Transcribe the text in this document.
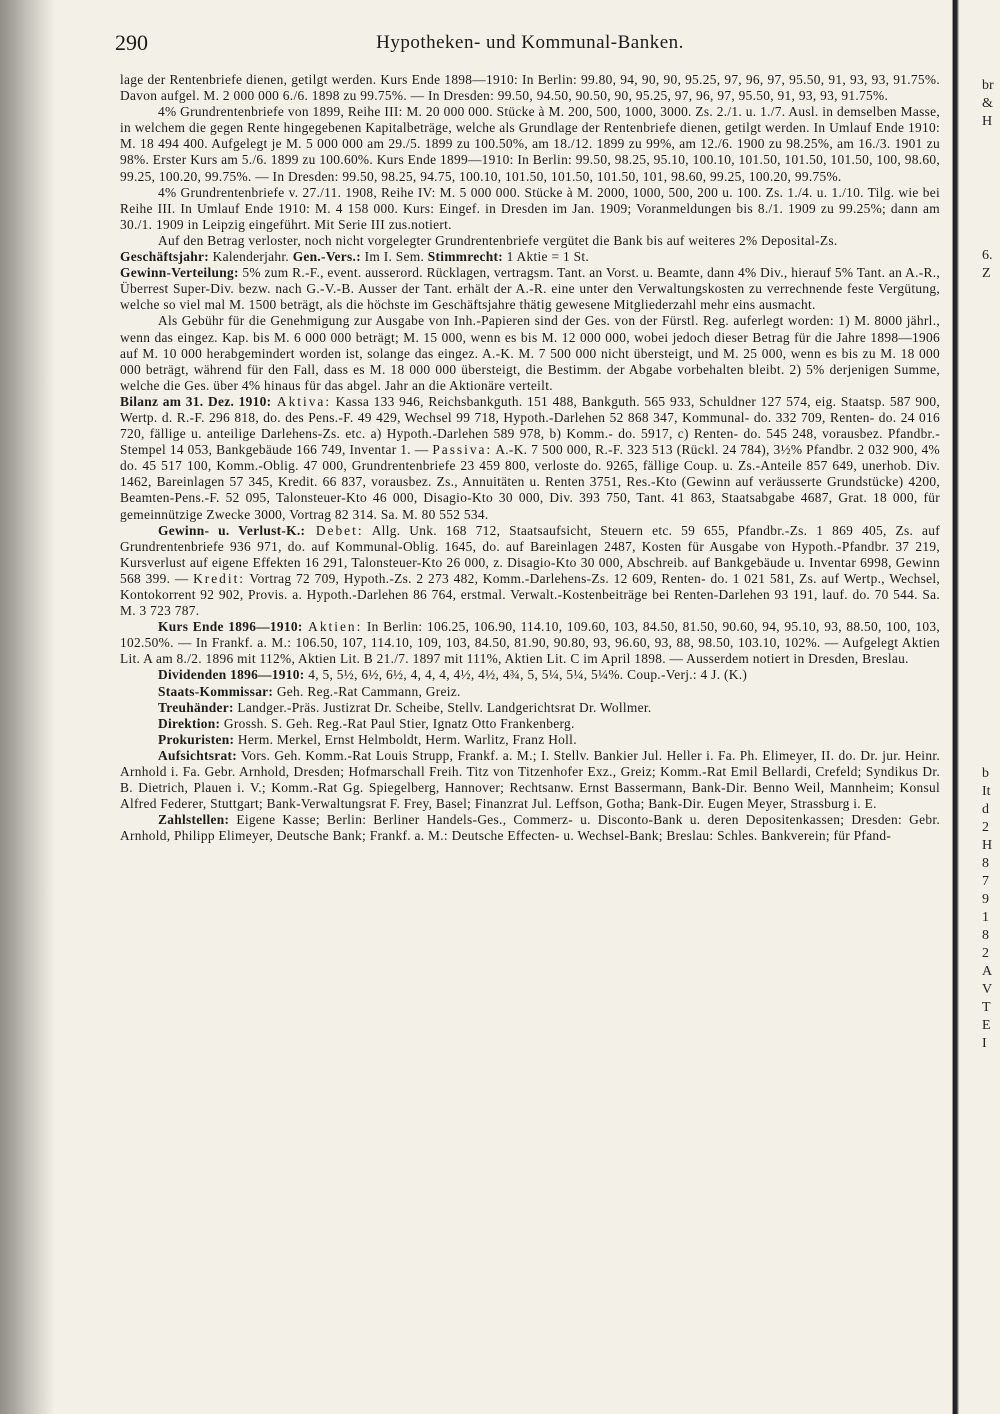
290	Hypotheken- und Kommunal-Banken.

lage der Rentenbriefe dienen, getilgt werden. Kurs Ende 1898—1910: In Berlin: 99.80, 94, 90, 90, 95.25, 97, 96, 97, 95.50, 91, 93, 93, 91.75%. Davon aufgel. M. 2 000 000 6./6. 1898 zu 99.75%. — In Dresden: 99.50, 94.50, 90.50, 90, 95.25, 97, 96, 97, 95.50, 91, 93, 93, 91.75%.

4% Grundrentenbriefe von 1899, Reihe III: M. 20 000 000. Stücke à M. 200, 500, 1000, 3000. Zs. 2./1. u. 1./7. Ausl. in demselben Masse, in welchem die gegen Rente hingegebenen Kapitalbeträge, welche als Grundlage der Rentenbriefe dienen, getilgt werden. In Umlauf Ende 1910: M. 18 494 400. Aufgelegt je M. 5 000 000 am 29./5. 1899 zu 100.50%, am 18./12. 1899 zu 99%, am 12./6. 1900 zu 98.25%, am 16./3. 1901 zu 98%. Erster Kurs am 5./6. 1899 zu 100.60%. Kurs Ende 1899—1910: In Berlin: 99.50, 98.25, 95.10, 100.10, 101.50, 101.50, 101.50, 100, 98.60, 99.25, 100.20, 99.75%. — In Dresden: 99.50, 98.25, 94.75, 100.10, 101.50, 101.50, 101.50, 101, 98.60, 99.25, 100.20, 99.75%.

4% Grundrentenbriefe v. 27./11. 1908, Reihe IV: M. 5 000 000. Stücke à M. 2000, 1000, 500, 200 u. 100. Zs. 1./4. u. 1./10. Tilg. wie bei Reihe III. In Umlauf Ende 1910: M. 4 158 000. Kurs: Eingef. in Dresden im Jan. 1909; Voranmeldungen bis 8./1. 1909 zu 99.25%; dann am 30./1. 1909 in Leipzig eingeführt. Mit Serie III zus.notiert.

Auf den Betrag verloster, noch nicht vorgelegter Grundrentenbriefe vergütet die Bank bis auf weiteres 2% Deposital-Zs.

Geschäftsjahr: Kalenderjahr. Gen.-Vers.: Im I. Sem. Stimmrecht: 1 Aktie = 1 St.

Gewinn-Verteilung: 5% zum R.-F., event. ausserord. Rücklagen, vertragsm. Tant. an Vorst. u. Beamte, dann 4% Div., hierauf 5% Tant. an A.-R., Überrest Super-Div. bezw. nach G.-V.-B. Ausser der Tant. erhält der A.-R. eine unter den Verwaltungskosten zu verrechnende feste Vergütung, welche so viel mal M. 1500 beträgt, als die höchste im Geschäftsjahre thätig gewesene Mitgliederzahl mehr eins ausmacht.

Als Gebühr für die Genehmigung zur Ausgabe von Inh.-Papieren sind der Ges. von der Fürstl. Reg. auferlegt worden: 1) M. 8000 jährl., wenn das eingez. Kap. bis M. 6 000 000 beträgt; M. 15 000, wenn es bis M. 12 000 000, wobei jedoch dieser Betrag für die Jahre 1898—1906 auf M. 10 000 herabgemindert worden ist, solange das eingez. A.-K. M. 7 500 000 nicht übersteigt, und M. 25 000, wenn es bis zu M. 18 000 000 beträgt, während für den Fall, dass es M. 18 000 000 übersteigt, die Bestimm. der Abgabe vorbehalten bleibt. 2) 5% derjenigen Summe, welche die Ges. über 4% hinaus für das abgel. Jahr an die Aktionäre verteilt.

Bilanz am 31. Dez. 1910: Aktiva: Kassa 133 946, Reichsbankguth. 151 488, Bankguth. 565 933, Schuldner 127 574, eig. Staatsp. 587 900, Wertp. d. R.-F. 296 818, do. des Pens.-F. 49 429, Wechsel 99 718, Hypoth.-Darlehen 52 868 347, Kommunal- do. 332 709, Renten- do. 24 016 720, fällige u. anteilige Darlehens-Zs. etc. a) Hypoth.-Darlehen 589 978, b) Komm.- do. 5917, c) Renten- do. 545 248, vorausbez. Pfandbr.-Stempel 14 053, Bankgebäude 166 749, Inventar 1. — Passiva: A.-K. 7 500 000, R.-F. 323 513 (Rückl. 24 784), 3½% Pfandbr. 2 032 900, 4% do. 45 517 100, Komm.-Oblig. 47 000, Grundrentenbriefe 23 459 800, verloste do. 9265, fällige Coup. u. Zs.-Anteile 857 649, unerhob. Div. 1462, Bareinlagen 57 345, Kredit. 66 837, vorausbez. Zs., Annuitäten u. Renten 3751, Res.-Kto (Gewinn auf veräusserte Grundstücke) 4200, Beamten-Pens.-F. 52 095, Talonsteuer-Kto 46 000, Disagio-Kto 30 000, Div. 393 750, Tant. 41 863, Staatsabgabe 4687, Grat. 18 000, für gemeinnützige Zwecke 3000, Vortrag 82 314. Sa. M. 80 552 534.

Gewinn- u. Verlust-K.: Debet: Allg. Unk. 168 712, Staatsaufsicht, Steuern etc. 59 655, Pfandbr.-Zs. 1 869 405, Zs. auf Grundrentenbriefe 936 971, do. auf Kommunal-Oblig. 1645, do. auf Bareinlagen 2487, Kosten für Ausgabe von Hypoth.-Pfandbr. 37 219, Kursverlust auf eigene Effekten 16 291, Talonsteuer-Kto 26 000, z. Disagio-Kto 30 000, Abschreib. auf Bankgebäude u. Inventar 6998, Gewinn 568 399. — Kredit: Vortrag 72 709, Hypoth.-Zs. 2 273 482, Komm.-Darlehens-Zs. 12 609, Renten- do. 1 021 581, Zs. auf Wertp., Wechsel, Kontokorrent 92 902, Provis. a. Hypoth.-Darlehen 86 764, erstmal. Verwalt.-Kostenbeiträge bei Renten-Darlehen 93 191, lauf. do. 70 544. Sa. M. 3 723 787.

Kurs Ende 1896—1910: Aktien: In Berlin: 106.25, 106.90, 114.10, 109.60, 103, 84.50, 81.50, 90.60, 94, 95.10, 93, 88.50, 100, 103, 102.50%. — In Frankf. a. M.: 106.50, 107, 114.10, 109, 103, 84.50, 81.90, 90.80, 93, 96.60, 93, 88, 98.50, 103.10, 102%. — Aufgelegt Aktien Lit. A am 8./2. 1896 mit 112%, Aktien Lit. B 21./7. 1897 mit 111%, Aktien Lit. C im April 1898. — Ausserdem notiert in Dresden, Breslau.

Dividenden 1896—1910: 4, 5, 5½, 6½, 6½, 4, 4, 4, 4½, 4½, 4¾, 5, 5¼, 5¼, 5¼%. Coup.-Verj.: 4 J. (K.)

Staats-Kommissar: Geh. Reg.-Rat Cammann, Greiz.

Treuhänder: Landger.-Präs. Justizrat Dr. Scheibe, Stellv. Landgerichtsrat Dr. Wollmer.

Direktion: Grossh. S. Geh. Reg.-Rat Paul Stier, Ignatz Otto Frankenberg.

Prokuristen: Herm. Merkel, Ernst Helmboldt, Herm. Warlitz, Franz Holl.

Aufsichtsrat: Vors. Geh. Komm.-Rat Louis Strupp, Frankf. a. M.; I. Stellv. Bankier Jul. Heller i. Fa. Ph. Elimeyer, II. do. Dr. jur. Heinr. Arnhold i. Fa. Gebr. Arnhold, Dresden; Hofmarschall Freih. Titz von Titzenhofer Exz., Greiz; Komm.-Rat Emil Bellardi, Crefeld; Syndikus Dr. B. Dietrich, Plauen i. V.; Komm.-Rat Gg. Spiegelberg, Hannover; Rechtsanw. Ernst Bassermann, Bank-Dir. Benno Weil, Mannheim; Konsul Alfred Federer, Stuttgart; Bank-Verwaltungsrat F. Frey, Basel; Finanzrat Jul. Leffson, Gotha; Bank-Dir. Eugen Meyer, Strassburg i. E.

Zahlstellen: Eigene Kasse; Berlin: Berliner Handels-Ges., Commerz- u. Disconto-Bank u. deren Depositenkassen; Dresden: Gebr. Arnhold, Philipp Elimeyer, Deutsche Bank; Frankf. a. M.: Deutsche Effecten- u. Wechsel-Bank; Breslau: Schles. Bankverein; für Pfand-

br
&
H
6.
Z
b
It
d
2
H
8
7
9
1
8
2
A
V
T
E
I
